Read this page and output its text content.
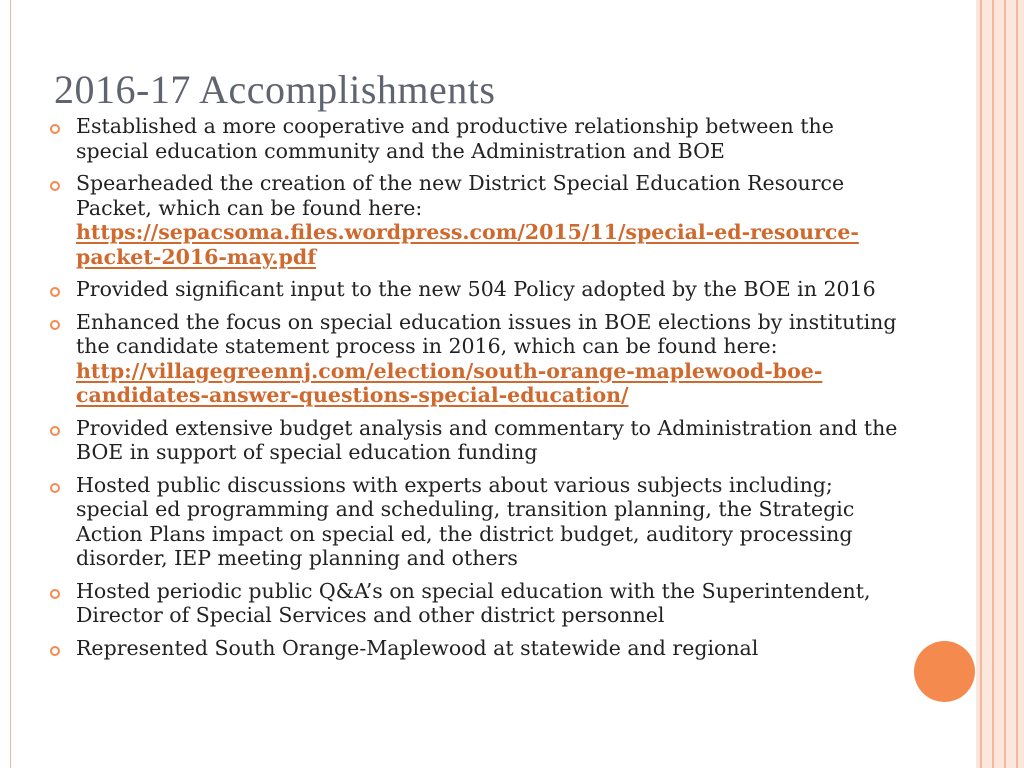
2016-17 Accomplishments
Established a more cooperative and productive relationship between the special education community and the Administration and BOE
Spearheaded the creation of the new District Special Education Resource Packet, which can be found here: https://sepacsoma.files.wordpress.com/2015/11/special-ed-resource-packet-2016-may.pdf
Provided significant input to the new 504 Policy adopted by the BOE in 2016
Enhanced the focus on special education issues in BOE elections by instituting the candidate statement process in 2016, which can be found here: http://villagegreennj.com/election/south-orange-maplewood-boe-candidates-answer-questions-special-education/
Provided extensive budget analysis and commentary to Administration and the BOE in support of special education funding
Hosted public discussions with experts about various subjects including; special ed programming and scheduling, transition planning, the Strategic Action Plans impact on special ed, the district budget, auditory processing disorder, IEP meeting planning and others
Hosted periodic public Q&A’s on special education with the Superintendent, Director of Special Services and other district personnel
Represented South Orange-Maplewood at statewide and regional
